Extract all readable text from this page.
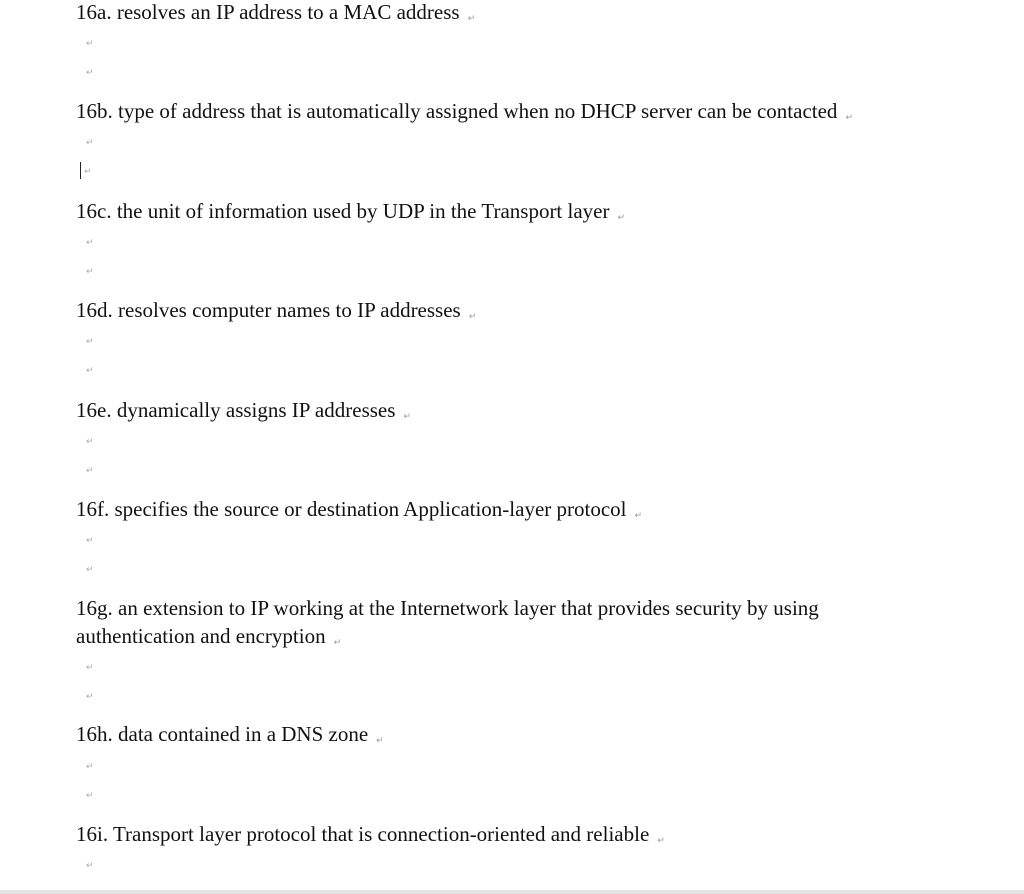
16a. resolves an IP address to a MAC address ↵

↵
↵

16b. type of address that is automatically assigned when no DHCP server can be contacted ↵

↵
↵

16c. the unit of information used by UDP in the Transport layer ↵

↵
↵

16d. resolves computer names to IP addresses ↵

↵
↵

16e. dynamically assigns IP addresses ↵

↵
↵

16f. specifies the source or destination Application-layer protocol ↵

↵
↵

16g. an extension to IP working at the Internetwork layer that provides security by using authentication and encryption ↵

↵
↵

16h. data contained in a DNS zone ↵

↵
↵

16i. Transport layer protocol that is connection-oriented and reliable ↵

↵
